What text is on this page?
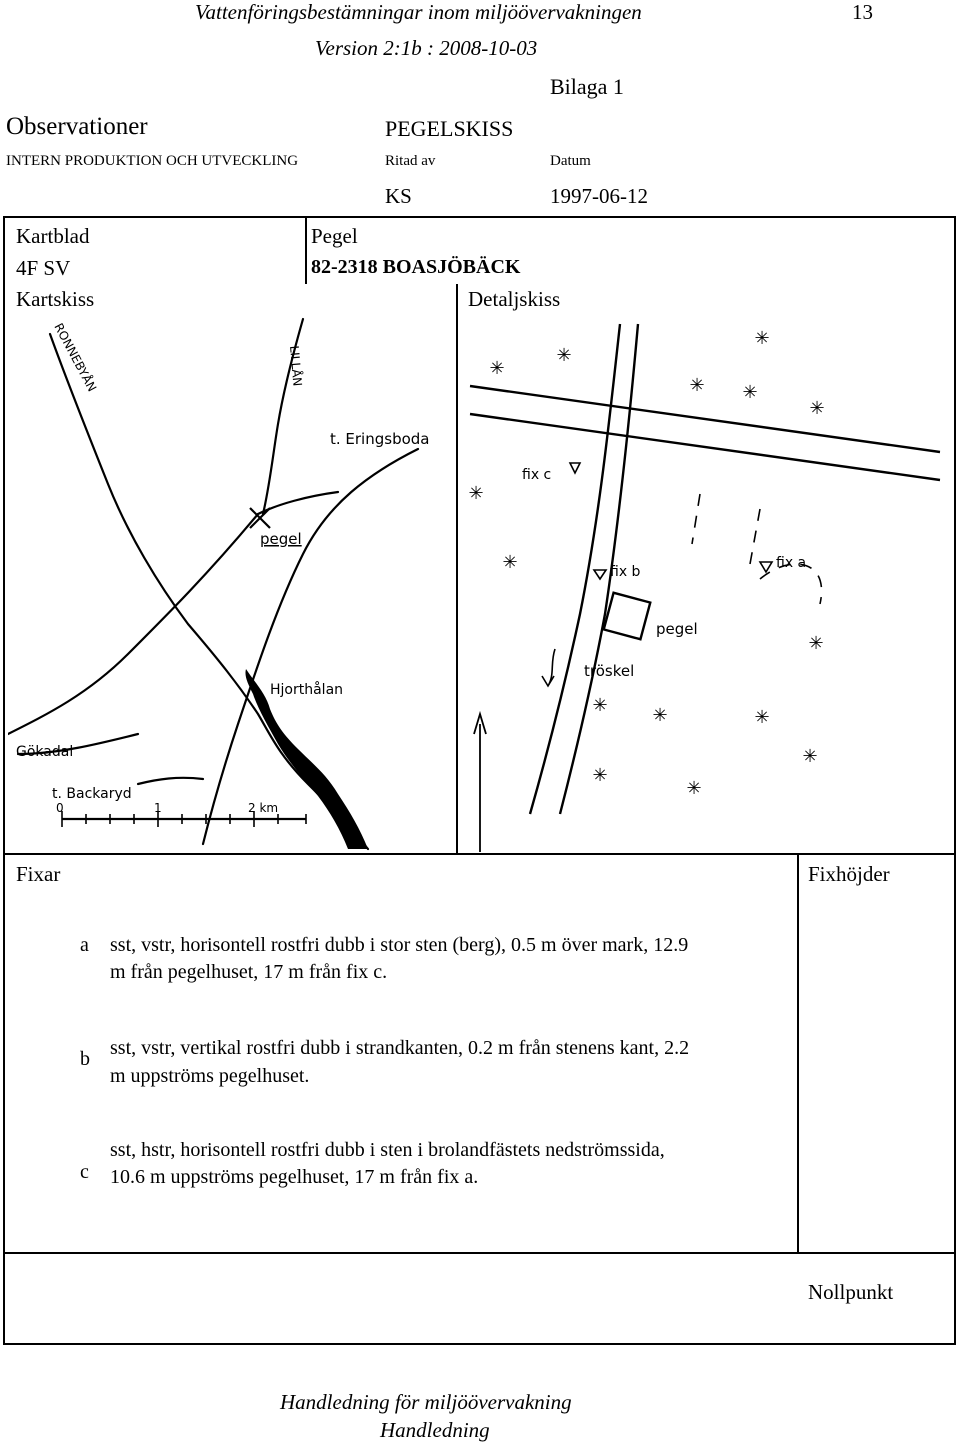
Vattenföringsbestämningar inom miljöövervakningen	13
Version 2:1b : 2008-10-03
Bilaga 1
Observationer	PEGELSKISS
INTERN PRODUKTION OCH UTVECKLING	Ritad av	Datum
KS	1997-06-12
Kartblad
4F SV
Kartskiss
Pegel
82-2318 BOASJÖBÄCK
Detaljskiss
RONNEBYÅN	LILLÅN
t. Eringsboda
pegel
Hjorthålan
Gökadal
t. Backaryd
0	1	2 km
✳
✳
✳
✳ ✳
✳
✳
✳
✳
✳ ✳	✳
✳
✳
✳
fix c
fix b
fix a
pegel
tröskel
Fixar	Fixhöjder
a sst, vstr, horisontell rostfri dubb i stor sten (berg), 0.5 m över mark, 12.9
m från pegelhuset, 17 m från fix c.
b sst, vstr, vertikal rostfri dubb i strandkanten, 0.2 m från stenens kant, 2.2
m uppströms pegelhuset.
c
sst, hstr, horisontell rostfri dubb i sten i brolandfästets nedströmssida,
10.6 m uppströms pegelhuset, 17 m från fix a.
Nollpunkt
Handledning för miljöövervakning
Handledning
